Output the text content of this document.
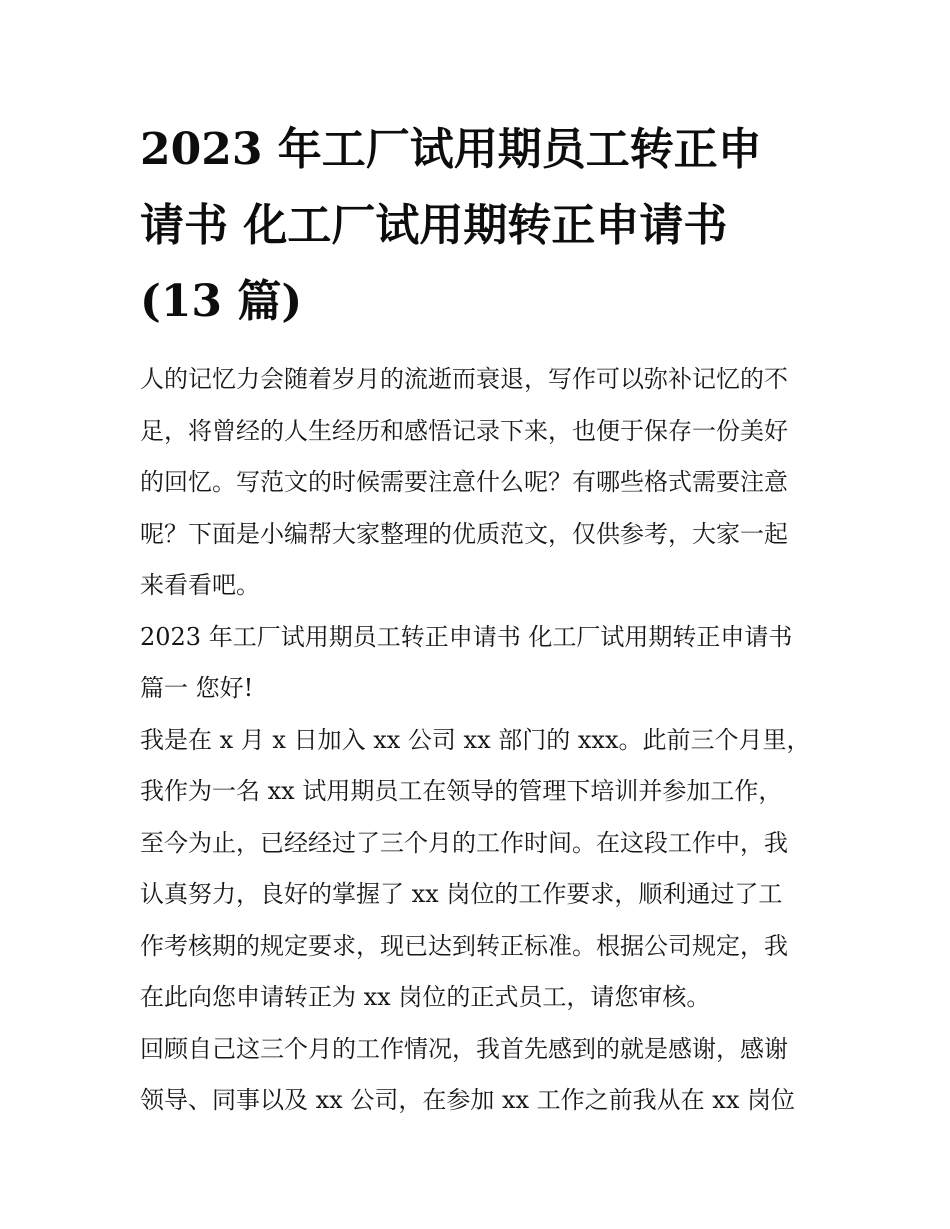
2023 年工厂试用期员工转正申
请书 化工厂试用期转正申请书
(13 篇)
人的记忆力会随着岁月的流逝而衰退，写作可以弥补记忆的不
足，将曾经的人生经历和感悟记录下来，也便于保存一份美好
的回忆。写范文的时候需要注意什么呢？有哪些格式需要注意
呢？下面是小编帮大家整理的优质范文，仅供参考，大家一起
来看看吧。
2023 年工厂试用期员工转正申请书 化工厂试用期转正申请书
篇一 您好!
我是在 x 月 x 日加入 xx 公司 xx 部门的 xxx。此前三个月里，
我作为一名 xx 试用期员工在领导的管理下培训并参加工作，
至今为止，已经经过了三个月的工作时间。在这段工作中，我
认真努力，良好的掌握了 xx 岗位的工作要求，顺利通过了工
作考核期的规定要求，现已达到转正标准。根据公司规定，我
在此向您申请转正为 xx 岗位的正式员工，请您审核。
回顾自己这三个月的工作情况，我首先感到的就是感谢，感谢
领导、同事以及 xx 公司，在参加 xx 工作之前我从在 xx 岗位
